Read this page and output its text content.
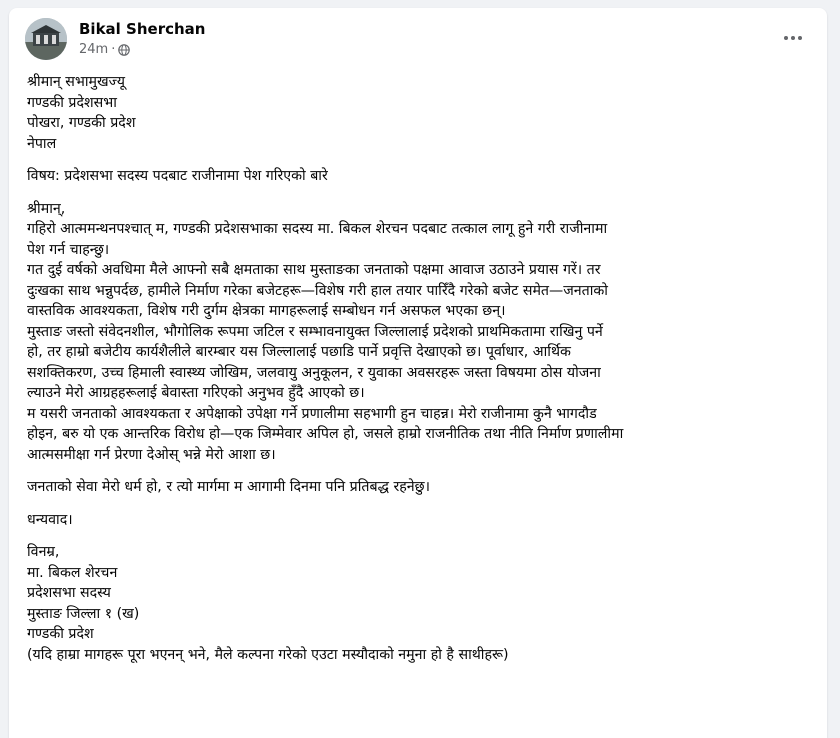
Bikal Sherchan
24m ·
श्रीमान् सभामुखज्यू
गण्डकी प्रदेशसभा
पोखरा, गण्डकी प्रदेश
नेपाल
विषय: प्रदेशसभा सदस्य पदबाट राजीनामा पेश गरिएको बारे
श्रीमान्,
गहिरो आत्ममन्थनपश्चात् म, गण्डकी प्रदेशसभाका सदस्य मा. बिकल शेरचन पदबाट तत्काल लागू हुने गरी राजीनामा
पेश गर्न चाहन्छु।
गत दुई वर्षको अवधिमा मैले आफ्नो सबै क्षमताका साथ मुस्ताङका जनताको पक्षमा आवाज उठाउने प्रयास गरें। तर
दुःखका साथ भन्नुपर्दछ, हामीले निर्माण गरेका बजेटहरू—विशेष गरी हाल तयार पारिँदै गरेको बजेट समेत—जनताको
वास्तविक आवश्यकता, विशेष गरी दुर्गम क्षेत्रका मागहरूलाई सम्बोधन गर्न असफल भएका छन्।
मुस्ताङ जस्तो संवेदनशील, भौगोलिक रूपमा जटिल र सम्भावनायुक्त जिल्लालाई प्रदेशको प्राथमिकतामा राखिनु पर्ने
हो, तर हाम्रो बजेटीय कार्यशैलीले बारम्बार यस जिल्लालाई पछाडि पार्ने प्रवृत्ति देखाएको छ। पूर्वाधार, आर्थिक
सशक्तिकरण, उच्च हिमाली स्वास्थ्य जोखिम, जलवायु अनुकूलन, र युवाका अवसरहरू जस्ता विषयमा ठोस योजना
ल्याउने मेरो आग्रहहरूलाई बेवास्ता गरिएको अनुभव हुँदै आएको छ।
म यसरी जनताको आवश्यकता र अपेक्षाको उपेक्षा गर्ने प्रणालीमा सहभागी हुन चाहन्न। मेरो राजीनामा कुनै भागदौड
होइन, बरु यो एक आन्तरिक विरोध हो—एक जिम्मेवार अपिल हो, जसले हाम्रो राजनीतिक तथा नीति निर्माण प्रणालीमा
आत्मसमीक्षा गर्न प्रेरणा देओस् भन्ने मेरो आशा छ।
जनताको सेवा मेरो धर्म हो, र त्यो मार्गमा म आगामी दिनमा पनि प्रतिबद्ध रहनेछु।
धन्यवाद।
विनम्र,
मा. बिकल शेरचन
प्रदेशसभा सदस्य
मुस्ताङ जिल्ला १ (ख)
गण्डकी प्रदेश
(यदि हाम्रा मागहरू पूरा भएनन् भने, मैले कल्पना गरेको एउटा मस्यौदाको नमुना हो है साथीहरू)
